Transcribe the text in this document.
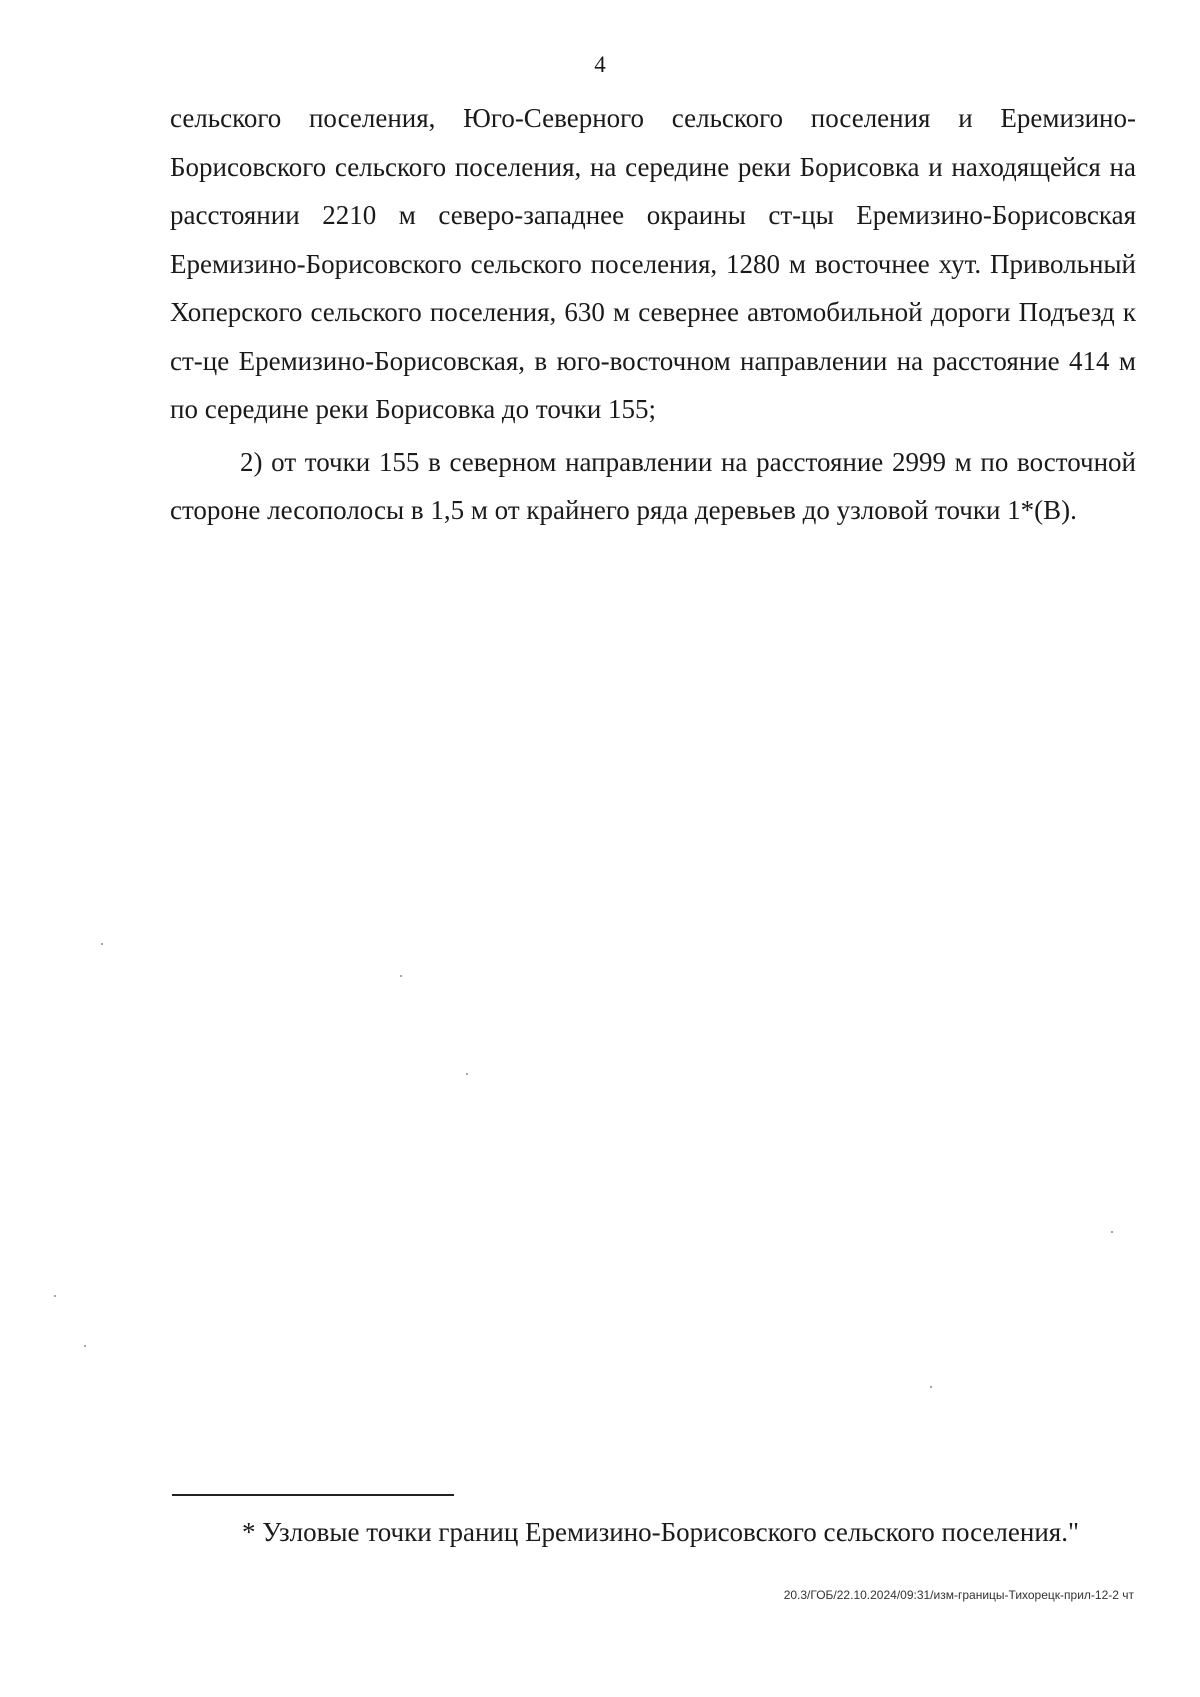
4

сельского поселения, Юго-Северного сельского поселения и Еремизино-Борисовского сельского поселения, на середине реки Борисовка и находящейся на расстоянии 2210 м северо-западнее окраины ст-цы Еремизино-Борисовская Еремизино-Борисовского сельского поселения, 1280 м восточнее хут. Привольный Хоперского сельского поселения, 630 м севернее автомобильной дороги Подъезд к ст-це Еремизино-Борисовская, в юго-восточном направлении на расстояние 414 м по середине реки Борисовка до точки 155;

2) от точки 155 в северном направлении на расстояние 2999 м по восточной стороне лесополосы в 1,5 м от крайнего ряда деревьев до узловой точки 1*(В).

* Узловые точки границ Еремизино-Борисовского сельского поселения."
20.3/ГОБ/22.10.2024/09:31/изм-границы-Тихорецк-прил-12-2 чт
